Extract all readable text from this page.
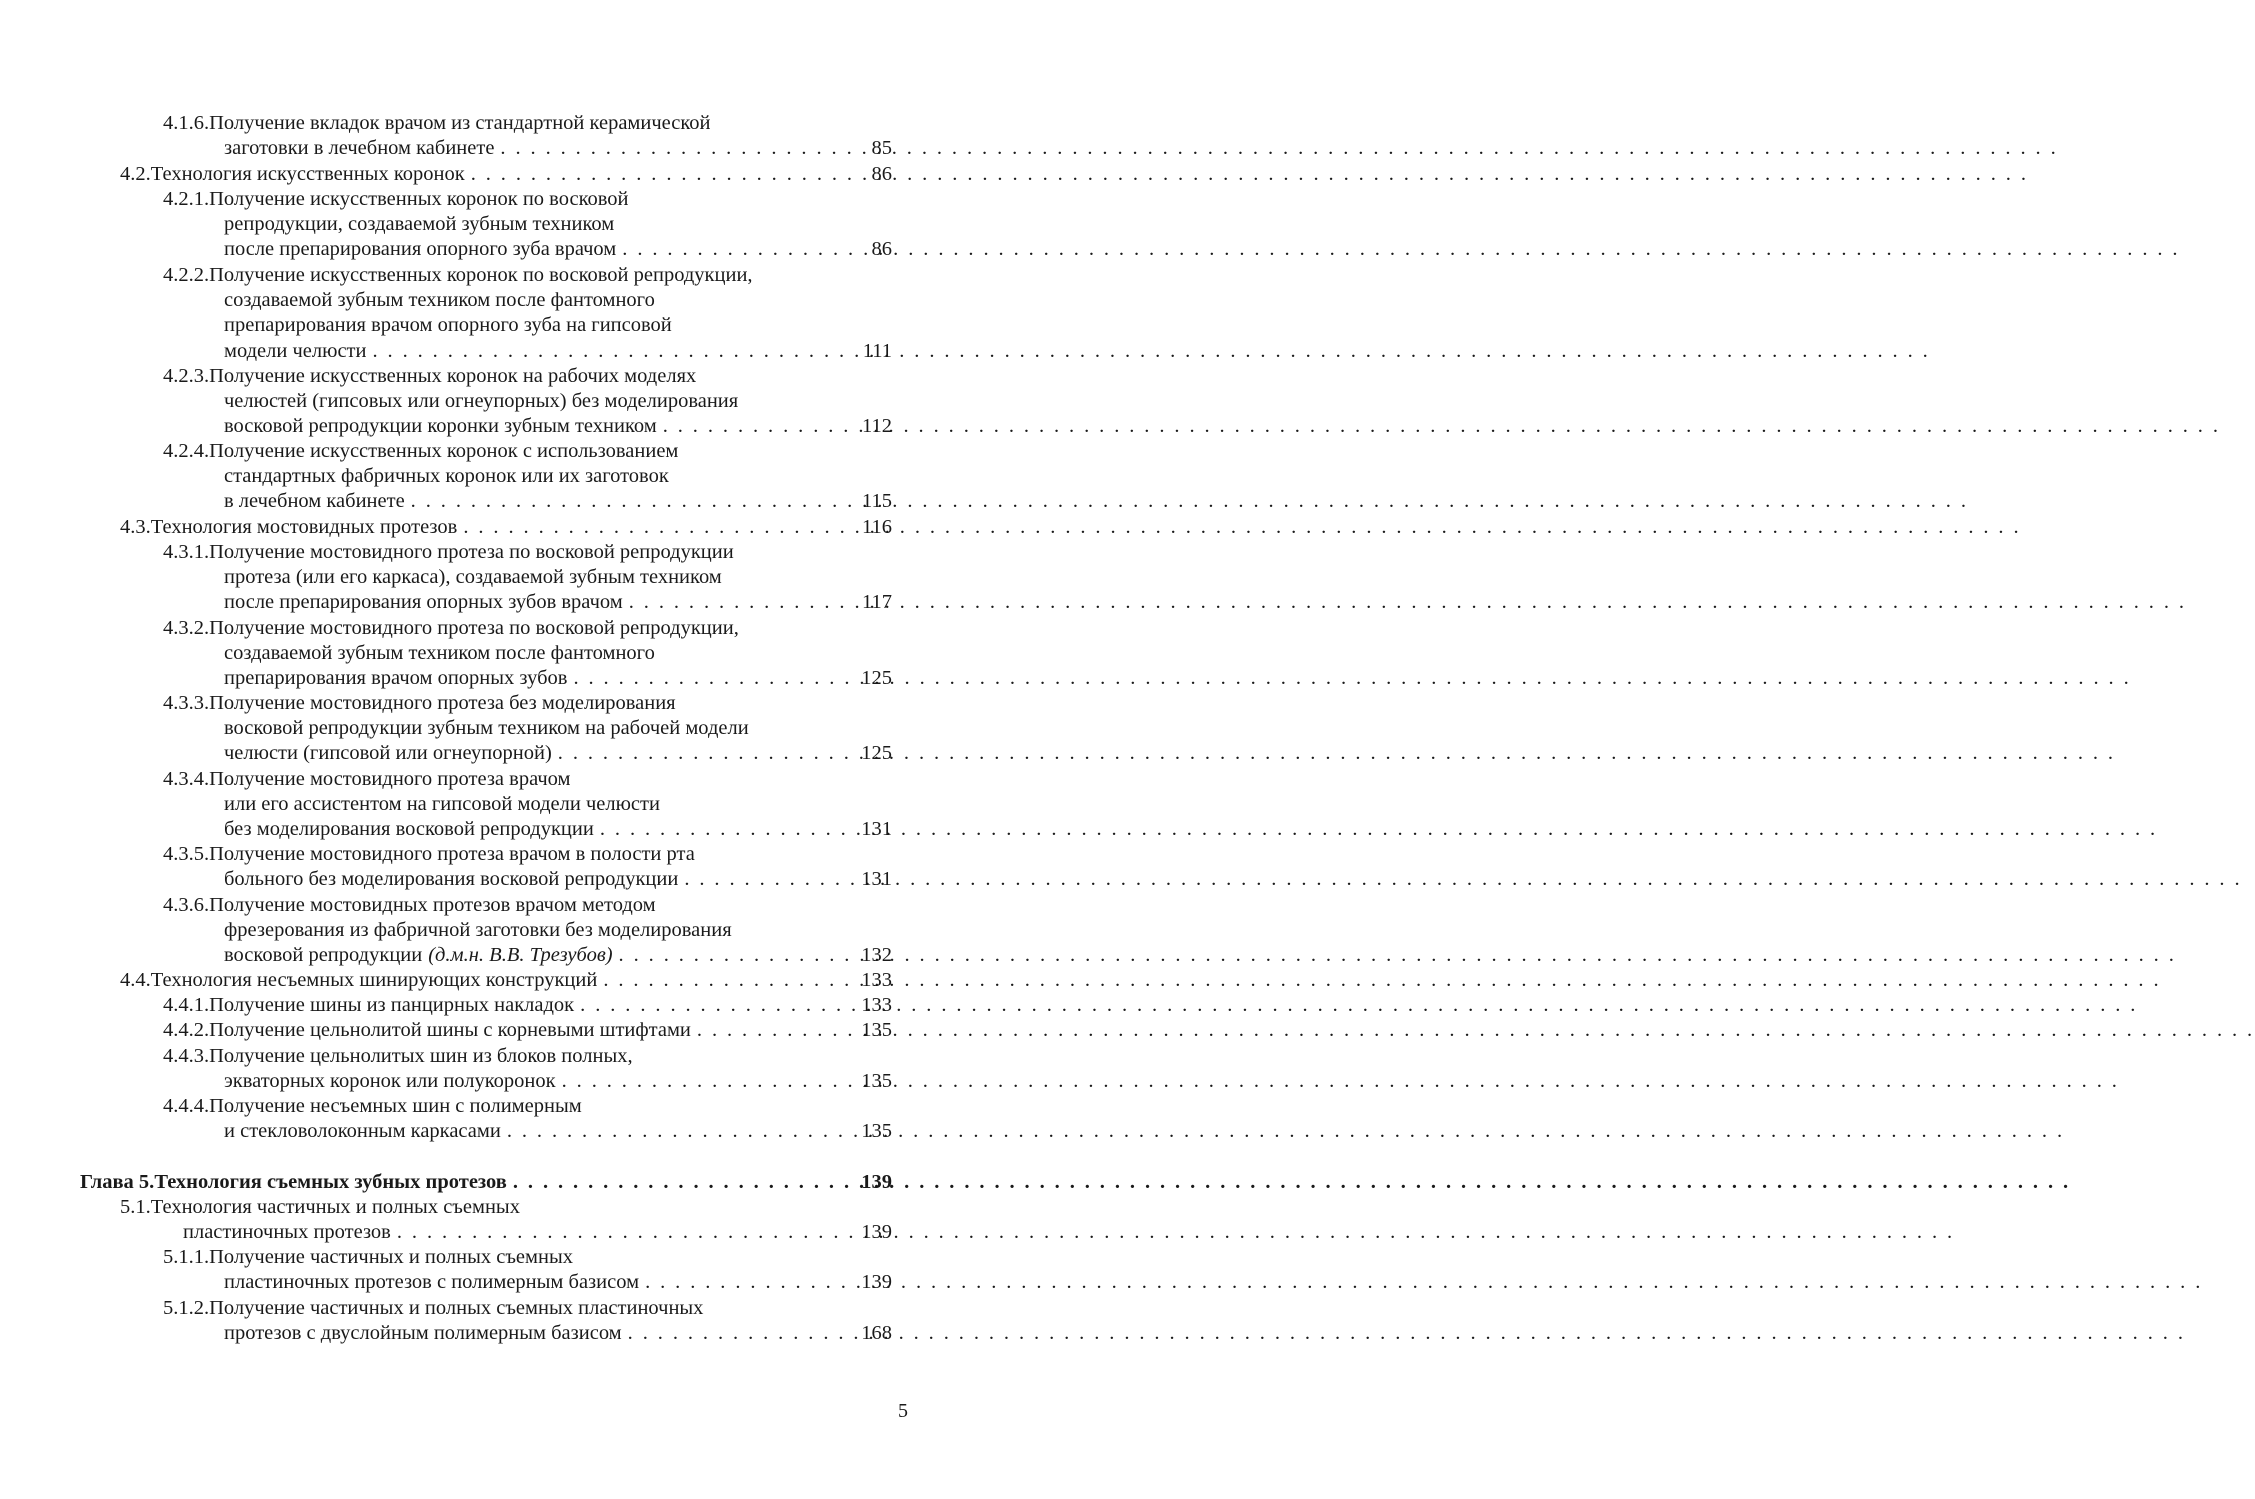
4.1.6. Получение вкладок врачом из стандартной керамической
заготовки в лечебном кабинете . . .	85
4.2. Технология искусственных коронок . . .	86
4.2.1. Получение искусственных коронок по восковой
репродукции, создаваемой зубным техником
после препарирования опорного зуба врачом . . .	86
4.2.2. Получение искусственных коронок по восковой репродукции,
создаваемой зубным техником после фантомного
препарирования врачом опорного зуба на гипсовой
модели челюсти . . .	111
4.2.3. Получение искусственных коронок на рабочих моделях
челюстей (гипсовых или огнеупорных) без моделирования
восковой репродукции коронки зубным техником . . .	112
4.2.4. Получение искусственных коронок с использованием
стандартных фабричных коронок или их заготовок
в лечебном кабинете . . .	115
4.3. Технология мостовидных протезов . . .	116
4.3.1. Получение мостовидного протеза по восковой репродукции
протеза (или его каркаса), создаваемой зубным техником
после препарирования опорных зубов врачом . . .	117
4.3.2. Получение мостовидного протеза по восковой репродукции,
создаваемой зубным техником после фантомного
препарирования врачом опорных зубов . . .	125
4.3.3. Получение мостовидного протеза без моделирования
восковой репродукции зубным техником на рабочей модели
челюсти (гипсовой или огнеупорной) . . .	125
4.3.4. Получение мостовидного протеза врачом
или его ассистентом на гипсовой модели челюсти
без моделирования восковой репродукции . . .	131
4.3.5. Получение мостовидного протеза врачом в полости рта
больного без моделирования восковой репродукции . . .	131
4.3.6. Получение мостовидных протезов врачом методом
фрезерования из фабричной заготовки без моделирования
восковой репродукции (д.м.н. В.В. Трезубов) . . .	132
4.4. Технология несъемных шинирующих конструкций . . .	133
4.4.1. Получение шины из панцирных накладок . . .	133
4.4.2. Получение цельнолитой шины с корневыми штифтами . . .	135
4.4.3. Получение цельнолитых шин из блоков полных,
экваторных коронок или полукоронок . . .	135
4.4.4. Получение несъемных шин с полимерным
и стекловолоконным каркасами . . .	135
Глава 5. Технология съемных зубных протезов . . .	139
5.1. Технология частичных и полных съемных
пластиночных протезов . . .	139
5.1.1. Получение частичных и полных съемных
пластиночных протезов с полимерным базисом . . .	139
5.1.2. Получение частичных и полных съемных пластиночных
протезов с двуслойным полимерным базисом . . .	168
5
